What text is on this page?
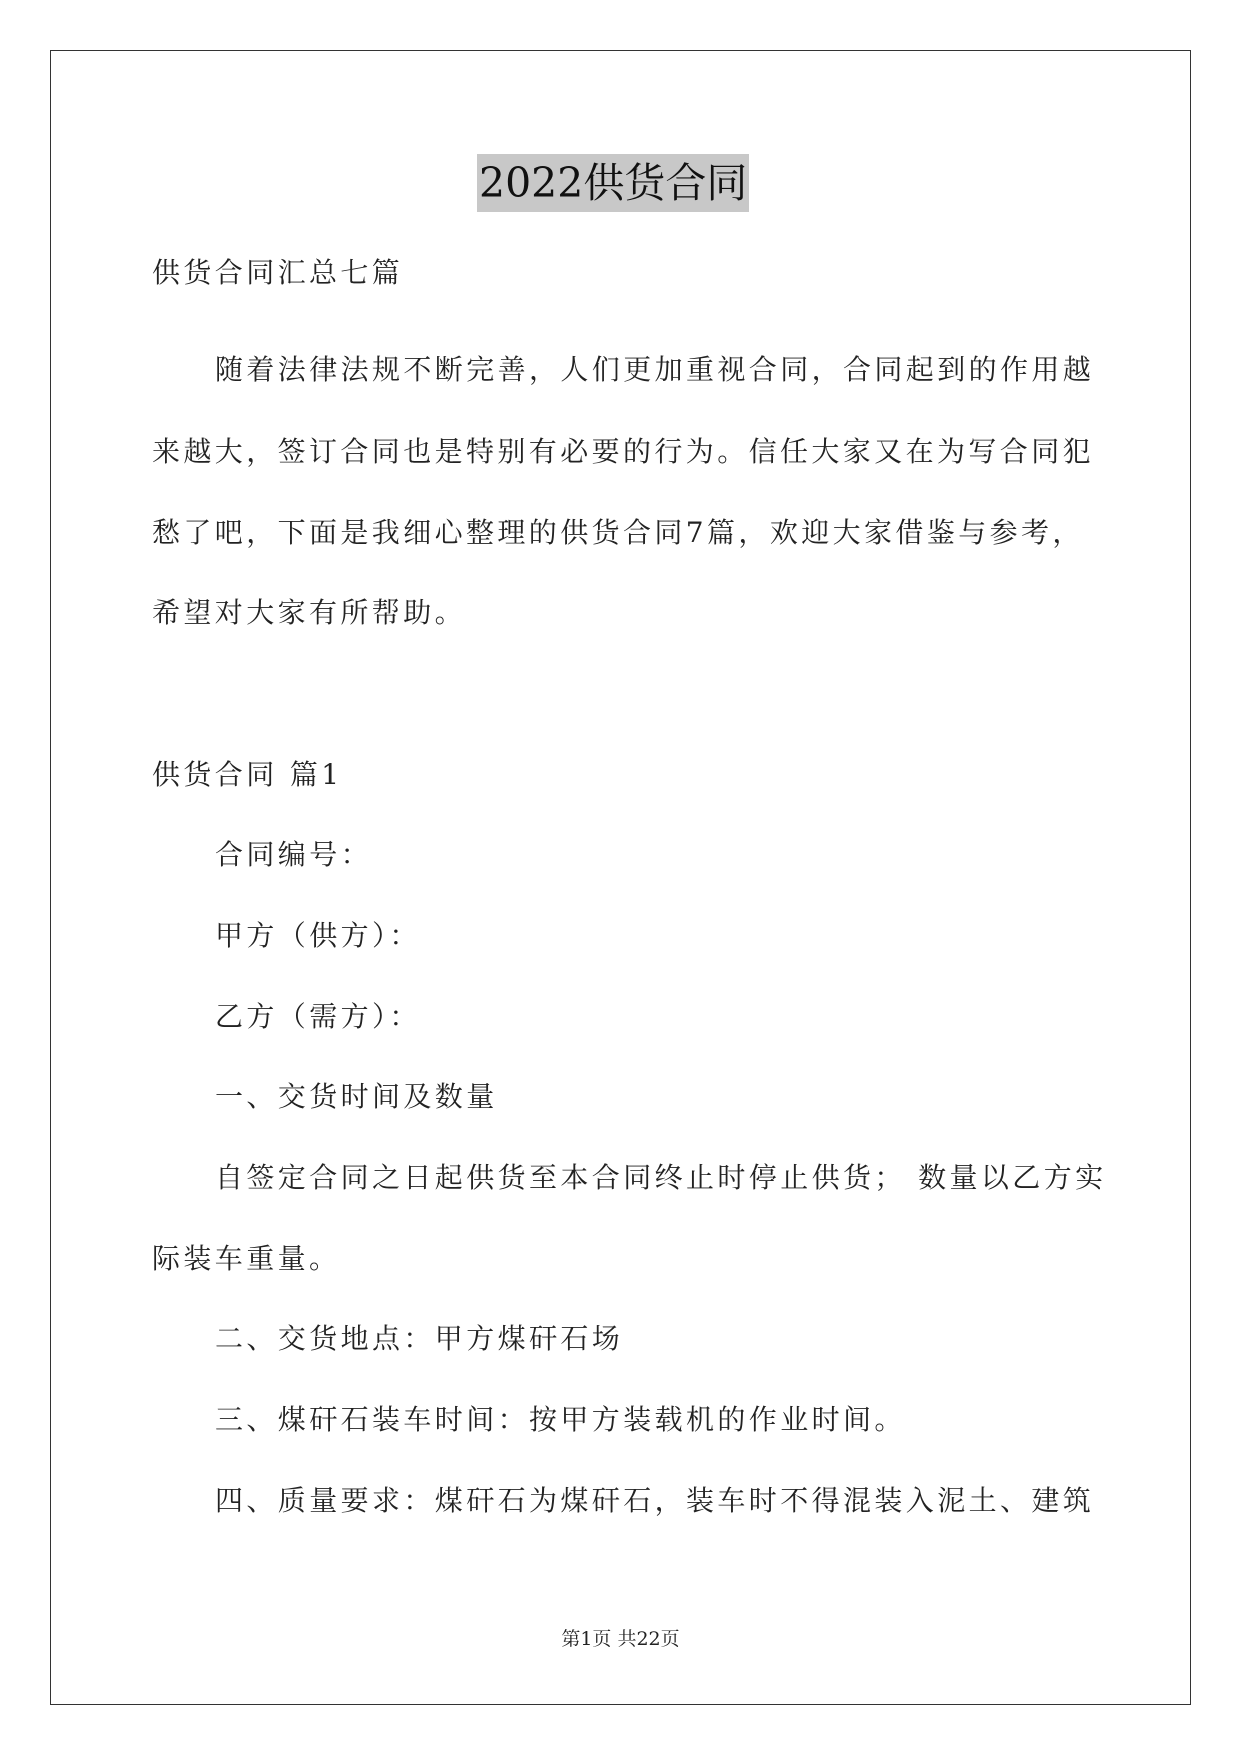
2022供货合同
供货合同汇总七篇
随着法律法规不断完善，人们更加重视合同，合同起到的作用越
来越大，签订合同也是特别有必要的行为。信任大家又在为写合同犯
愁了吧，下面是我细心整理的供货合同7篇，欢迎大家借鉴与参考，
希望对大家有所帮助。
供货合同 篇1
合同编号：
甲方（供方）：
乙方（需方）：
一、交货时间及数量
自签定合同之日起供货至本合同终止时停止供货； 数量以乙方实
际装车重量。
二、交货地点：甲方煤矸石场
三、煤矸石装车时间：按甲方装载机的作业时间。
四、质量要求：煤矸石为煤矸石，装车时不得混装入泥土、建筑
第1页 共22页
